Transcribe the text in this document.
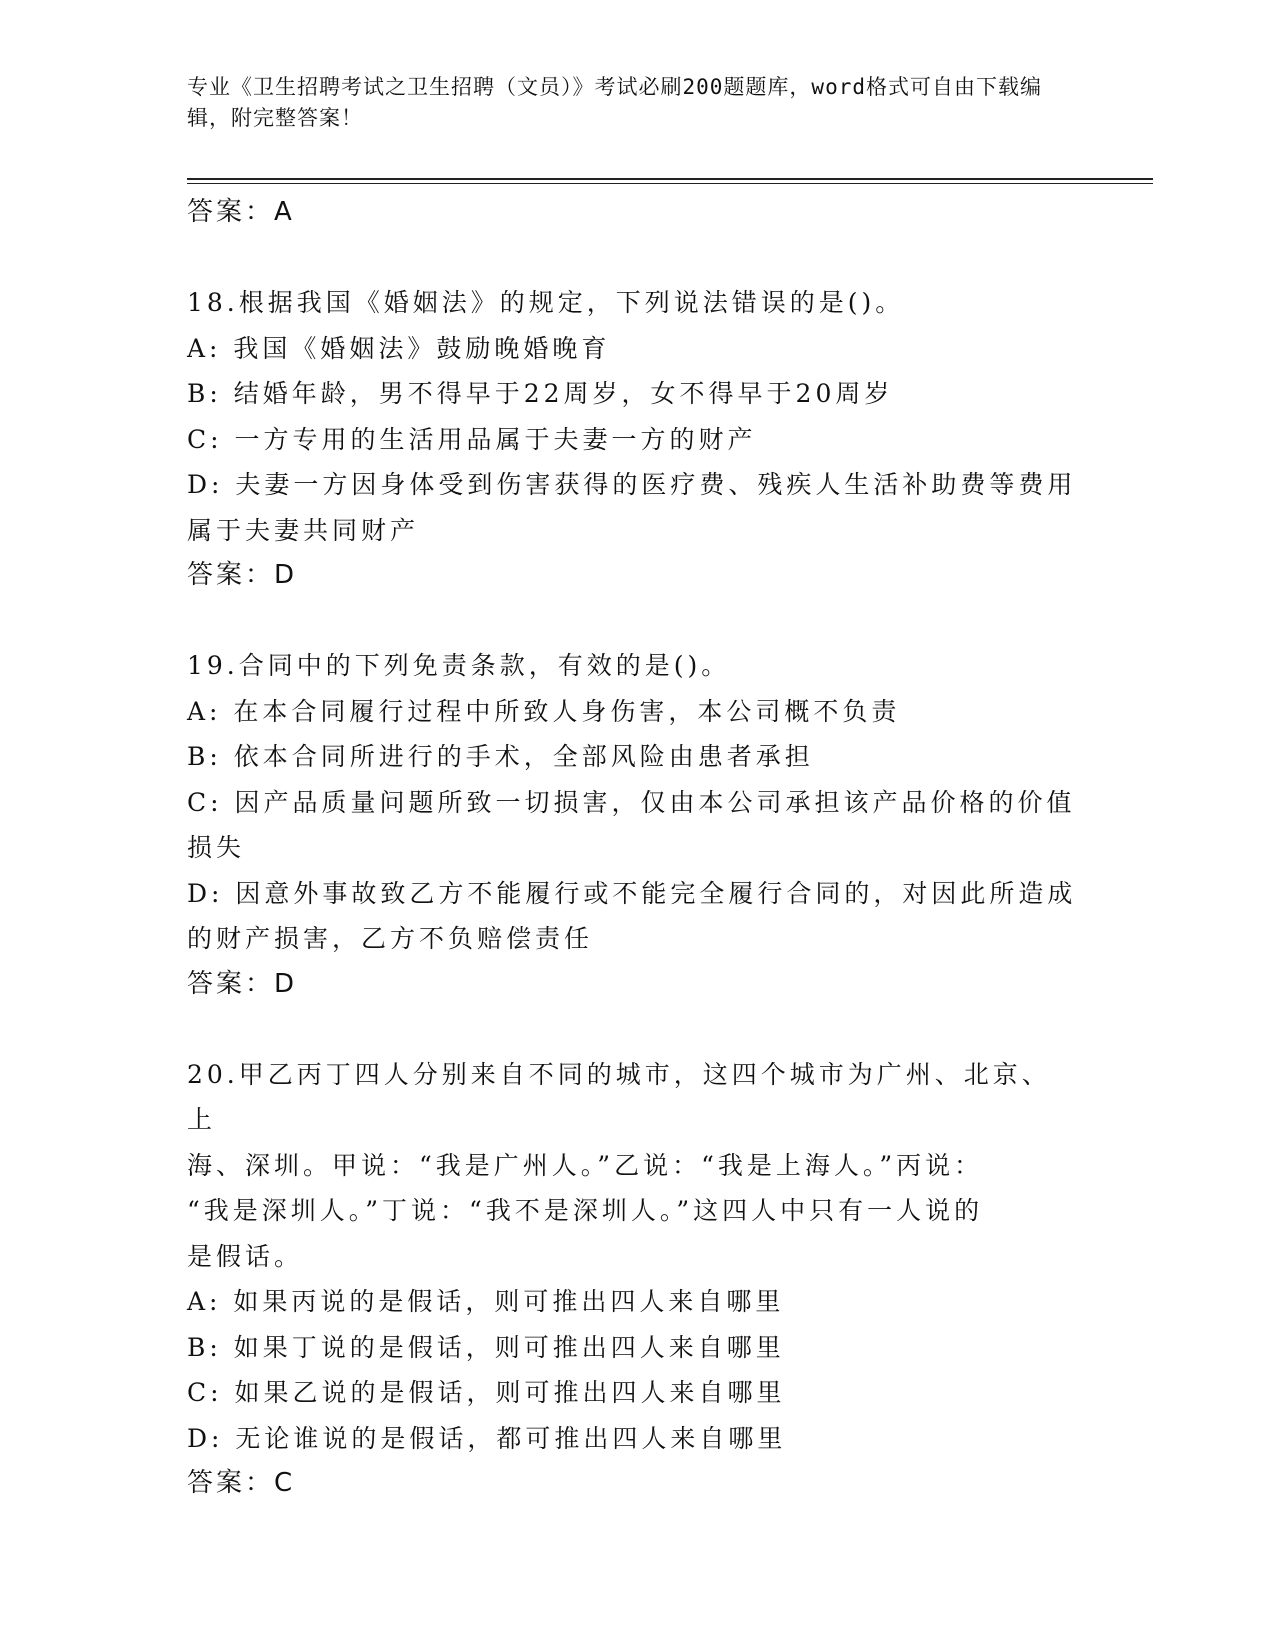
专业《卫生招聘考试之卫生招聘（文员）》考试必刷200题题库，word格式可自由下载编辑，附完整答案！
答案：A
18.根据我国《婚姻法》的规定，下列说法错误的是()。
A: 我国《婚姻法》鼓励晚婚晚育
B: 结婚年龄，男不得早于22周岁，女不得早于20周岁
C: 一方专用的生活用品属于夫妻一方的财产
D: 夫妻一方因身体受到伤害获得的医疗费、残疾人生活补助费等费用
属于夫妻共同财产
答案：D
19.合同中的下列免责条款，有效的是()。
A: 在本合同履行过程中所致人身伤害，本公司概不负责
B: 依本合同所进行的手术，全部风险由患者承担
C: 因产品质量问题所致一切损害，仅由本公司承担该产品价格的价值
损失
D: 因意外事故致乙方不能履行或不能完全履行合同的，对因此所造成
的财产损害，乙方不负赔偿责任
答案：D
20.甲乙丙丁四人分别来自不同的城市，这四个城市为广州、北京、上
海、深圳。甲说：“我是广州人。”乙说：“我是上海人。”丙说：
“我是深圳人。”丁说：“我不是深圳人。”这四人中只有一人说的
是假话。
A: 如果丙说的是假话，则可推出四人来自哪里
B: 如果丁说的是假话，则可推出四人来自哪里
C: 如果乙说的是假话，则可推出四人来自哪里
D: 无论谁说的是假话，都可推出四人来自哪里
答案：C
